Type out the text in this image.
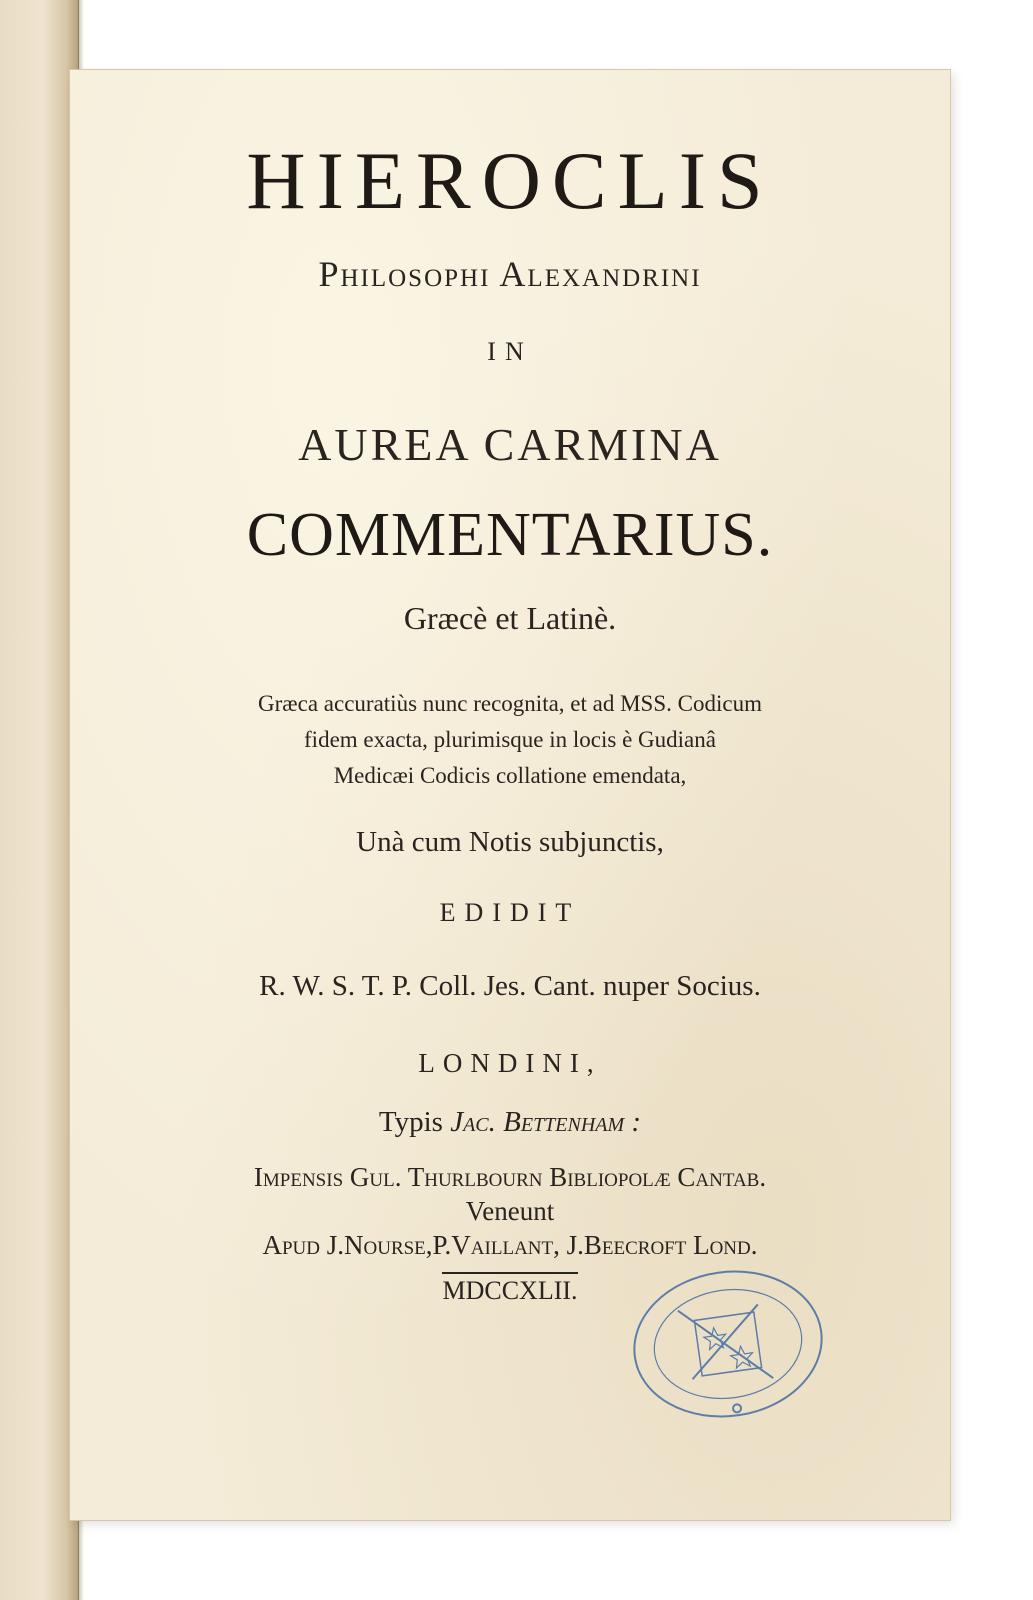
HIEROCLIS
Philosophi Alexandrini
IN
AUREA CARMINA
COMMENTARIUS.
Græcè et Latinè.
Græca accuratiùs nunc recognita, et ad MSS. Codicum
fidem exacta, plurimisque in locis è Gudianâ
Medicæi Codicis collatione emendata,
Unà cum Notis subjunctis,
EDIDIT
R. W. S. T. P. Coll. Jes. Cant. nuper Socius.
LONDINI,
Typis Jac. Bettenham :
Impensis Gul. Thurlbourn Bibliopolæ Cantab.
Veneunt
Apud J.Nourse,P.Vaillant, J.Beecroft Lond.
MDCCXLII.
